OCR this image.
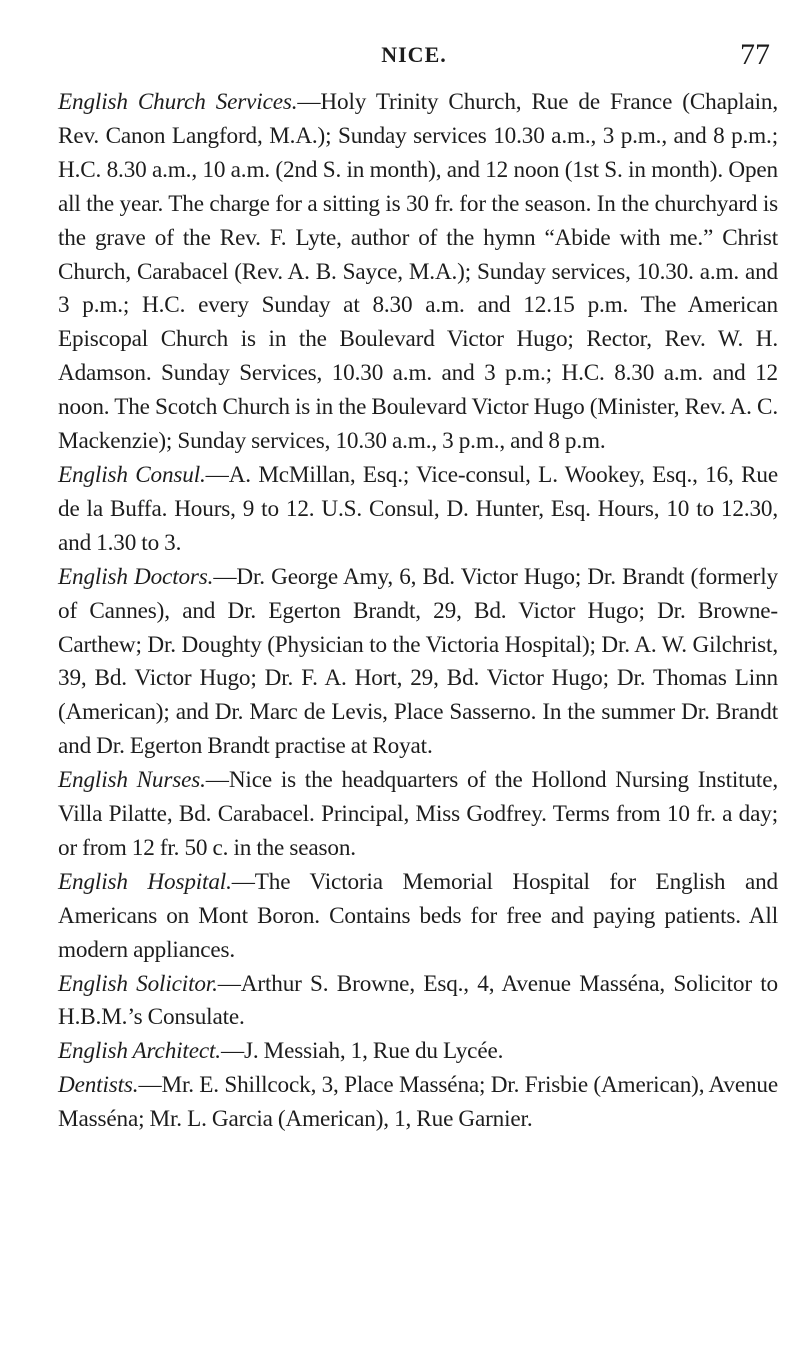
NICE.	77

English Church Services.—Holy Trinity Church, Rue de France (Chaplain, Rev. Canon Langford, M.A.); Sunday services 10.30 a.m., 3 p.m., and 8 p.m.; H.C. 8.30 a.m., 10 a.m. (2nd S. in month), and 12 noon (1st S. in month). Open all the year. The charge for a sitting is 30 fr. for the season. In the churchyard is the grave of the Rev. F. Lyte, author of the hymn “Abide with me.” Christ Church, Carabacel (Rev. A. B. Sayce, M.A.); Sunday services, 10.30. a.m. and 3 p.m.; H.C. every Sunday at 8.30 a.m. and 12.15 p.m. The American Episcopal Church is in the Boulevard Victor Hugo; Rector, Rev. W. H. Adamson. Sunday Services, 10.30 a.m. and 3 p.m.; H.C. 8.30 a.m. and 12 noon. The Scotch Church is in the Boulevard Victor Hugo (Minister, Rev. A. C. Mackenzie); Sunday services, 10.30 a.m., 3 p.m., and 8 p.m.

English Consul.—A. McMillan, Esq.; Vice-consul, L. Wookey, Esq., 16, Rue de la Buffa. Hours, 9 to 12. U.S. Consul, D. Hunter, Esq. Hours, 10 to 12.30, and 1.30 to 3.

English Doctors.—Dr. George Amy, 6, Bd. Victor Hugo; Dr. Brandt (formerly of Cannes), and Dr. Egerton Brandt, 29, Bd. Victor Hugo; Dr. Browne-Carthew; Dr. Doughty (Physician to the Victoria Hospital); Dr. A. W. Gilchrist, 39, Bd. Victor Hugo; Dr. F. A. Hort, 29, Bd. Victor Hugo; Dr. Thomas Linn (American); and Dr. Marc de Levis, Place Sasserno. In the summer Dr. Brandt and Dr. Egerton Brandt practise at Royat.

English Nurses.—Nice is the headquarters of the Hollond Nursing Institute, Villa Pilatte, Bd. Carabacel. Principal, Miss Godfrey. Terms from 10 fr. a day; or from 12 fr. 50 c. in the season.

English Hospital.—The Victoria Memorial Hospital for English and Americans on Mont Boron. Contains beds for free and paying patients. All modern appliances.

English Solicitor.—Arthur S. Browne, Esq., 4, Avenue Masséna, Solicitor to H.B.M.’s Consulate.

English Architect.—J. Messiah, 1, Rue du Lycée.

Dentists.—Mr. E. Shillcock, 3, Place Masséna; Dr. Frisbie (American), Avenue Masséna; Mr. L. Garcia (American), 1, Rue Garnier.
